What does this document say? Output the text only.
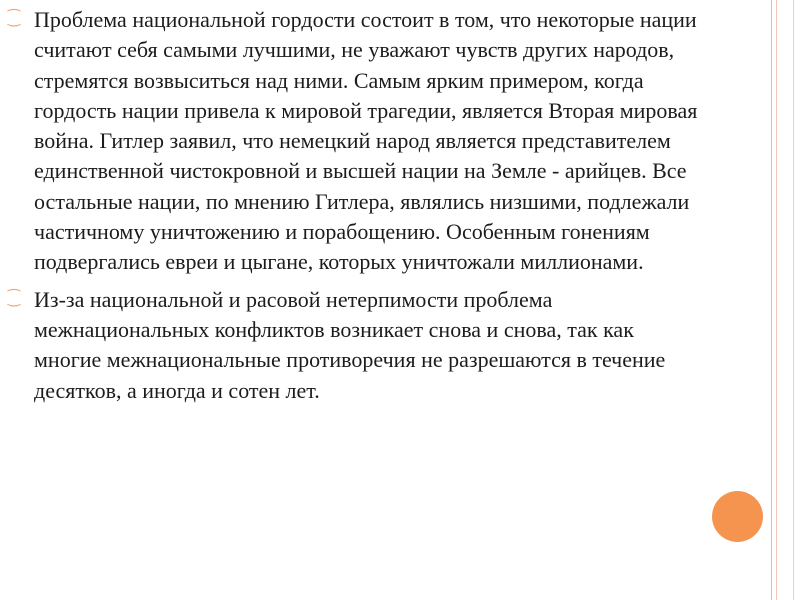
⁐ Проблема национальной гордости состоит в том, что некоторые нации считают себя самыми лучшими, не уважают чувств других народов, стремятся возвыситься над ними. Самым ярким примером, когда гордость нации привела к мировой трагедии, является Вторая мировая война. Гитлер заявил, что немецкий народ является представителем единственной чистокровной и высшей нации на Земле - арийцев. Все остальные нации, по мнению Гитлера, являлись низшими, подлежали частичному уничтожению и порабощению. Особенным гонениям подвергались евреи и цыгане, которых уничтожали миллионами.

⁐ Из-за национальной и расовой нетерпимости проблема межнациональных конфликтов возникает снова и снова, так как многие межнациональные противоречия не разрешаются в течение десятков, а иногда и сотен лет.
